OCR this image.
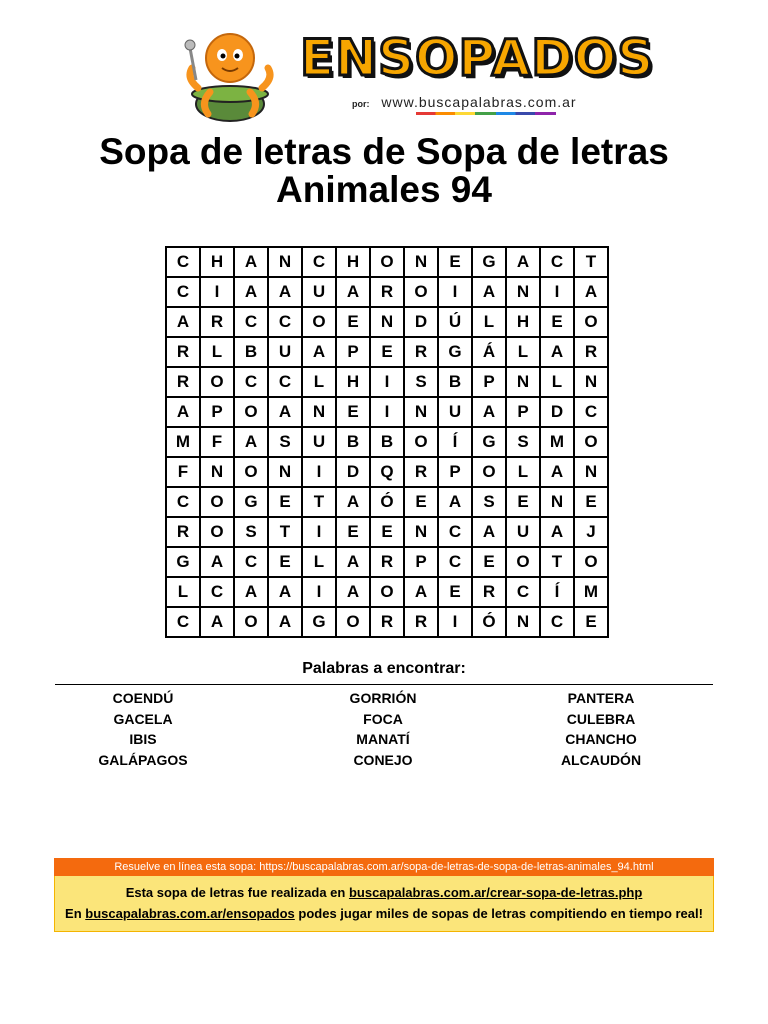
ENSOPADOS
por: www.buscapalabras.com.ar
Sopa de letras de Sopa de letras
Animales 94
C	H	A	N	C	H	O	N	E	G	A	C	T
C	I	A	A	U	A	R	O	I	A	N	I	A
A	R	C	C	O	E	N	D	Ú	L	H	E	O
R	L	B	U	A	P	E	R	G	Á	L	A	R
R	O	C	C	L	H	I	S	B	P	N	L	N
A	P	O	A	N	E	I	N	U	A	P	D	C
M	F	A	S	U	B	B	O	Í	G	S	M	O
F	N	O	N	I	D	Q	R	P	O	L	A	N
C	O	G	E	T	A	Ó	E	A	S	E	N	E
R	O	S	T	I	E	E	N	C	A	U	A	J
G	A	C	E	L	A	R	P	C	E	O	T	O
L	C	A	A	I	A	O	A	E	R	C	Í	M
C	A	O	A	G	O	R	R	I	Ó	N	C	E
Palabras a encontrar:
COENDÚ
GACELA
IBIS
GALÁPAGOS
GORRIÓN
FOCA
MANATÍ
CONEJO
PANTERA
CULEBRA
CHANCHO
ALCAUDÓN
Resuelve en línea esta sopa: https://buscapalabras.com.ar/sopa-de-letras-de-sopa-de-letras-animales_94.html

Esta sopa de letras fue realizada en buscapalabras.com.ar/crear-sopa-de-letras.php

En buscapalabras.com.ar/ensopados podes jugar miles de sopas de letras compitiendo en tiempo real!
